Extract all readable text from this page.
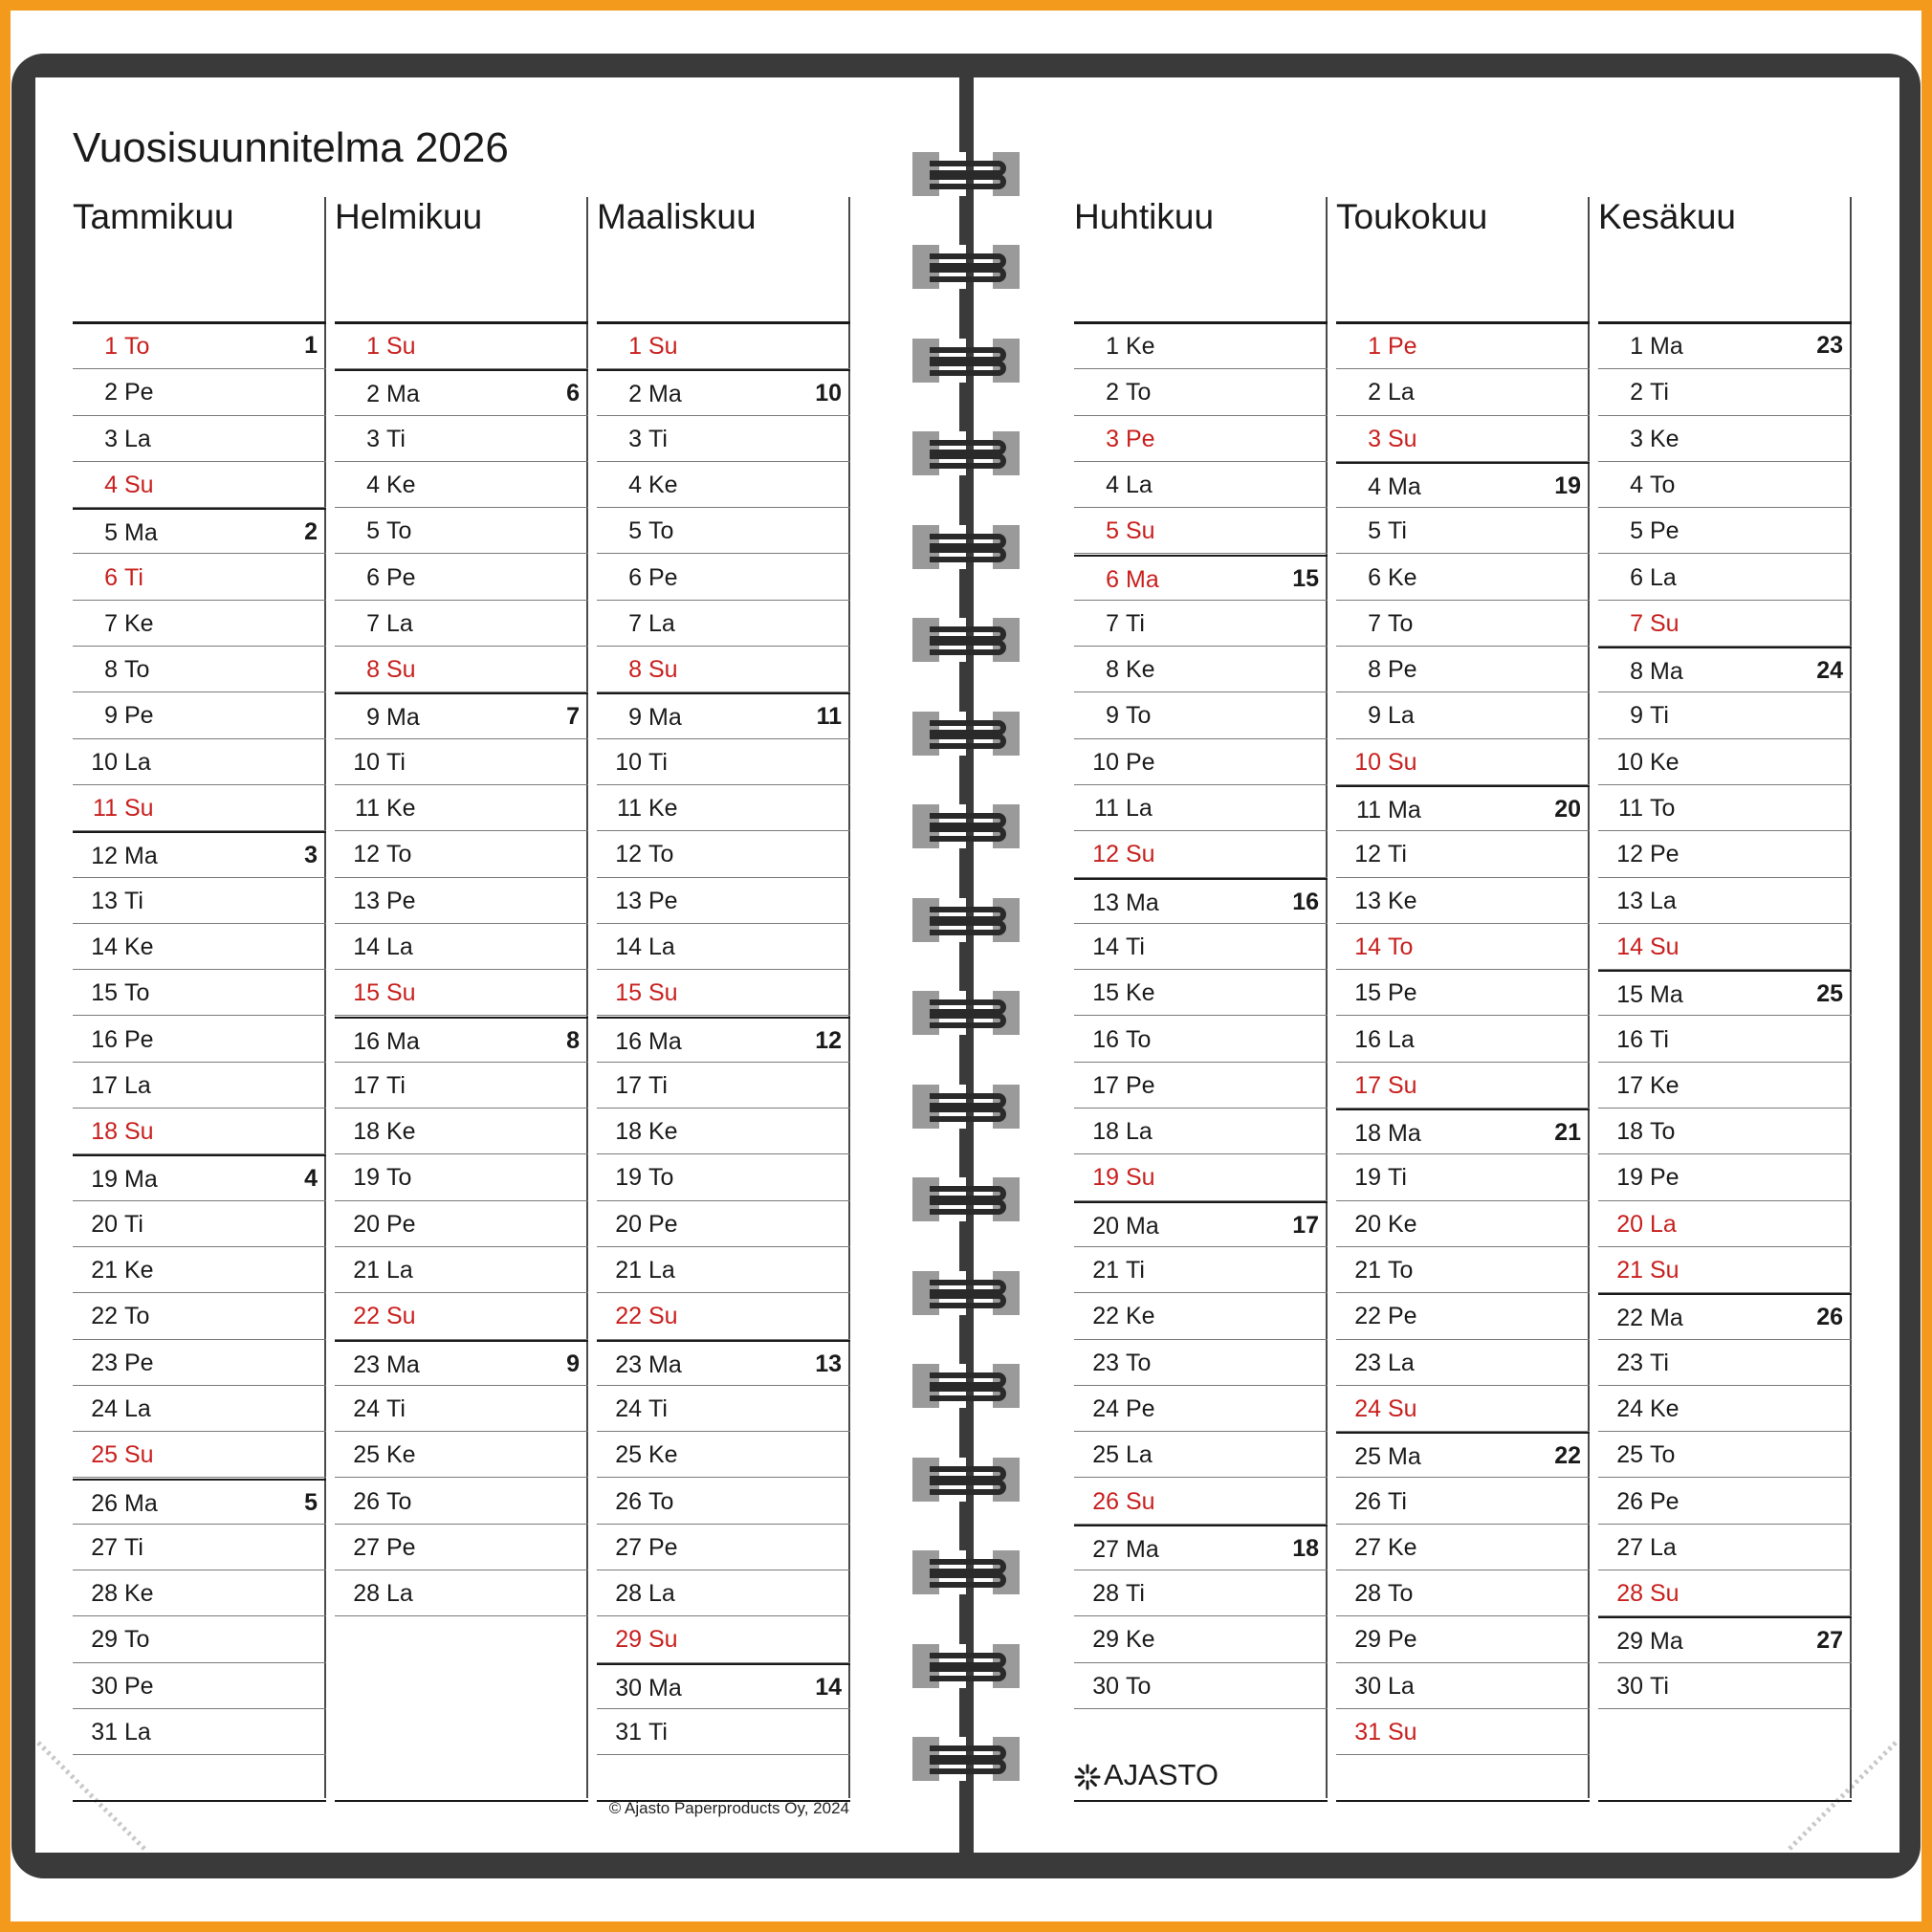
Vuosisuunnitelma 2026
Tammikuu
1 To	1
2 Pe
3 La
4 Su
5 Ma	2
6 Ti
7 Ke
8 To
9 Pe
10 La
11 Su
12 Ma	3
13 Ti
14 Ke
15 To
16 Pe
17 La
18 Su
19 Ma	4
20 Ti
21 Ke
22 To
23 Pe
24 La
25 Su
26 Ma	5
27 Ti
28 Ke
29 To
30 Pe
31 La
Helmikuu
1 Su
2 Ma	6
3 Ti
4 Ke
5 To
6 Pe
7 La
8 Su
9 Ma	7
10 Ti
11 Ke
12 To
13 Pe
14 La
15 Su
16 Ma	8
17 Ti
18 Ke
19 To
20 Pe
21 La
22 Su
23 Ma	9
24 Ti
25 Ke
26 To
27 Pe
28 La
Maaliskuu
1 Su
2 Ma	10
3 Ti
4 Ke
5 To
6 Pe
7 La
8 Su
9 Ma	11
10 Ti
11 Ke
12 To
13 Pe
14 La
15 Su
16 Ma	12
17 Ti
18 Ke
19 To
20 Pe
21 La
22 Su
23 Ma	13
24 Ti
25 Ke
26 To
27 Pe
28 La
29 Su
30 Ma	14
31 Ti
Huhtikuu
1 Ke
2 To
3 Pe
4 La
5 Su
6 Ma	15
7 Ti
8 Ke
9 To
10 Pe
11 La
12 Su
13 Ma	16
14 Ti
15 Ke
16 To
17 Pe
18 La
19 Su
20 Ma	17
21 Ti
22 Ke
23 To
24 Pe
25 La
26 Su
27 Ma	18
28 Ti
29 Ke
30 To
Toukokuu
1 Pe
2 La
3 Su
4 Ma	19
5 Ti
6 Ke
7 To
8 Pe
9 La
10 Su
11 Ma	20
12 Ti
13 Ke
14 To
15 Pe
16 La
17 Su
18 Ma	21
19 Ti
20 Ke
21 To
22 Pe
23 La
24 Su
25 Ma	22
26 Ti
27 Ke
28 To
29 Pe
30 La
31 Su
Kesäkuu
1 Ma	23
2 Ti
3 Ke
4 To
5 Pe
6 La
7 Su
8 Ma	24
9 Ti
10 Ke
11 To
12 Pe
13 La
14 Su
15 Ma	25
16 Ti
17 Ke
18 To
19 Pe
20 La
21 Su
22 Ma	26
23 Ti
24 Ke
25 To
26 Pe
27 La
28 Su
29 Ma	27
30 Ti
© Ajasto Paperproducts Oy, 2024
AJASTO
